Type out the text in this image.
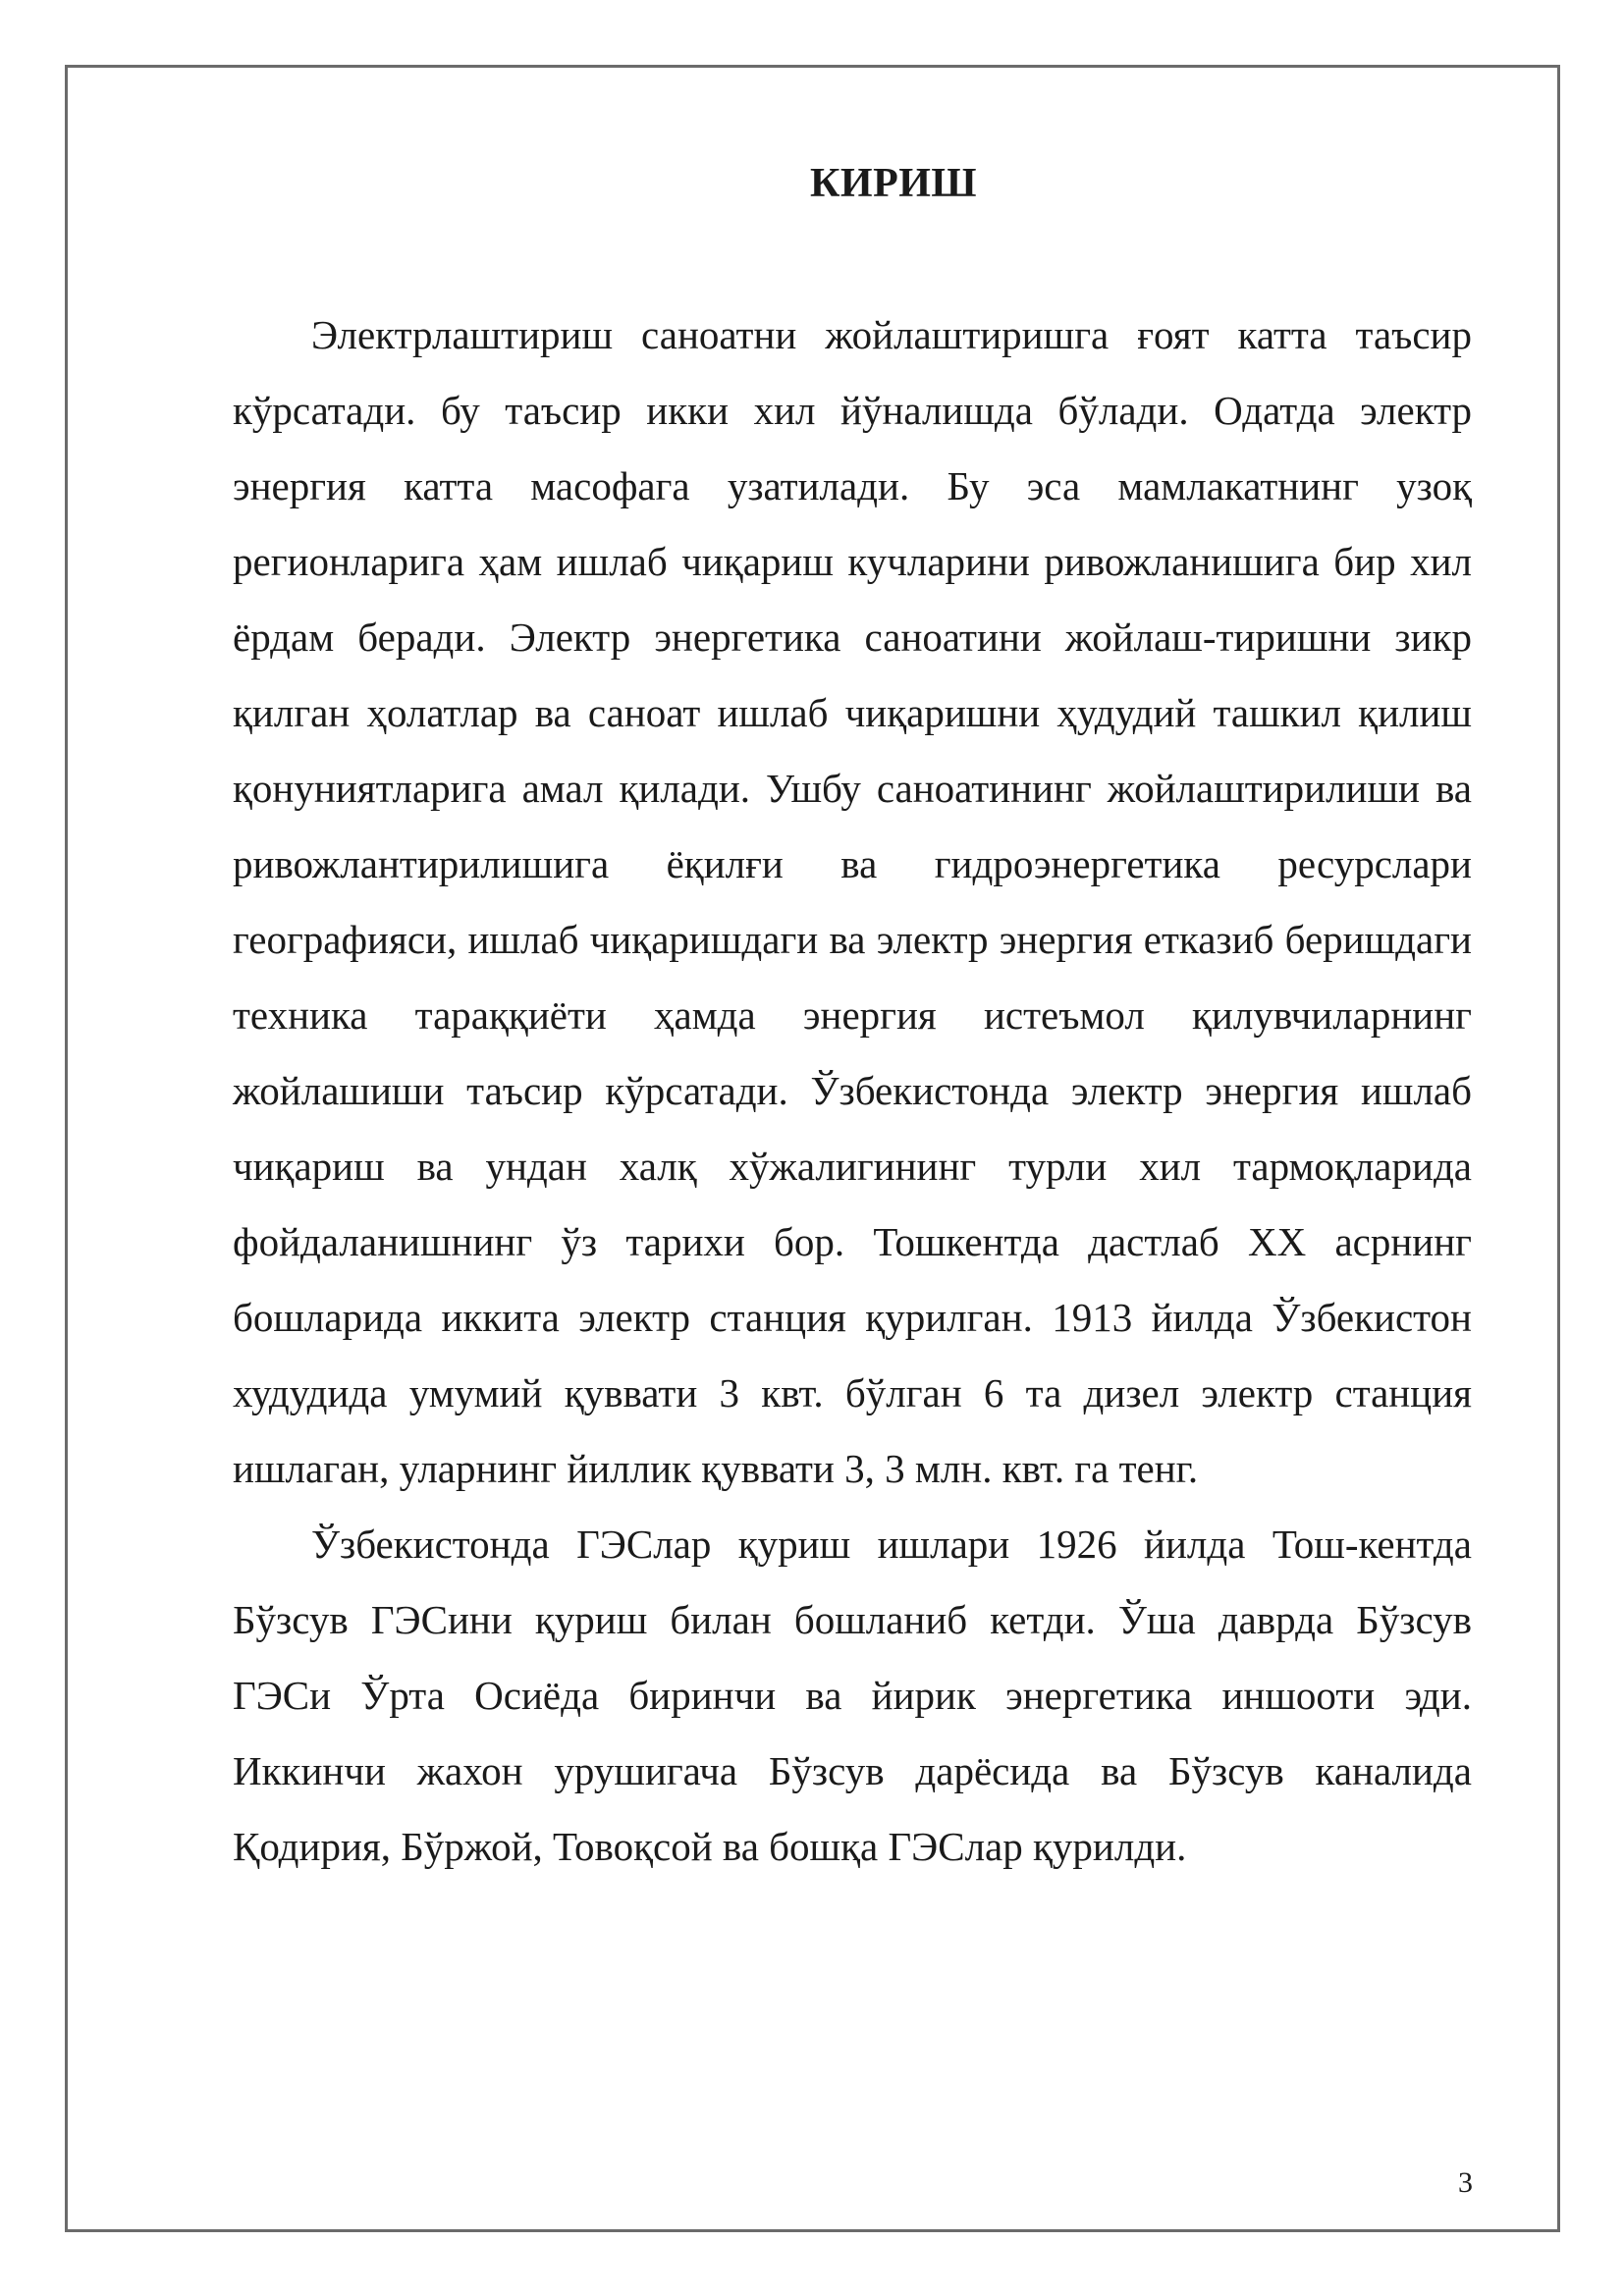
КИРИШ

Электрлаштириш саноатни жойлаштиришга ғоят катта таъсир кўрсатади. бу таъсир икки хил йўналишда бўлади. Одатда электр энергия катта масофага узатилади. Бу эса мамлакатнинг узоқ регионларига ҳам ишлаб чиқариш кучларини ривожланишига бир хил ёрдам беради. Электр энергетика саноатини жойлаш-тиришни зикр қилган ҳолатлар ва саноат ишлаб чиқаришни ҳудудий ташкил қилиш қонуниятларига амал қилади. Ушбу саноатининг жойлаштирилиши ва ривожлантирилишига ёқилғи ва гидроэнергетика ресурслари географияси, ишлаб чиқаришдаги ва электр энергия етказиб беришдаги техника тараққиёти ҳамда энергия истеъмол қилувчиларнинг жойлашиши таъсир кўрсатади. Ўзбекистонда электр энергия ишлаб чиқариш ва ундан халқ хўжалигининг турли хил тармоқларида фойдаланишнинг ўз тарихи бор. Тошкентда дастлаб XX асрнинг бошларида иккита электр станция қурилган. 1913 йилда Ўзбекистон худудида умумий қуввати 3 квт. бўлган 6 та дизел электр станция ишлаган, уларнинг йиллик қуввати 3, 3 млн. квт. га тенг.

Ўзбекистонда ГЭСлар қуриш ишлари 1926 йилда Тош-кентда Бўзсув ГЭСини қуриш билан бошланиб кетди. Ўша даврда Бўзсув ГЭСи Ўрта Осиёда биринчи ва йирик энергетика иншооти эди. Иккинчи жахон урушигача Бўзсув дарёсида ва Бўзсув каналида Қодирия, Бўржой, Товоқсой ва бошқа ГЭСлар қурилди.

3
